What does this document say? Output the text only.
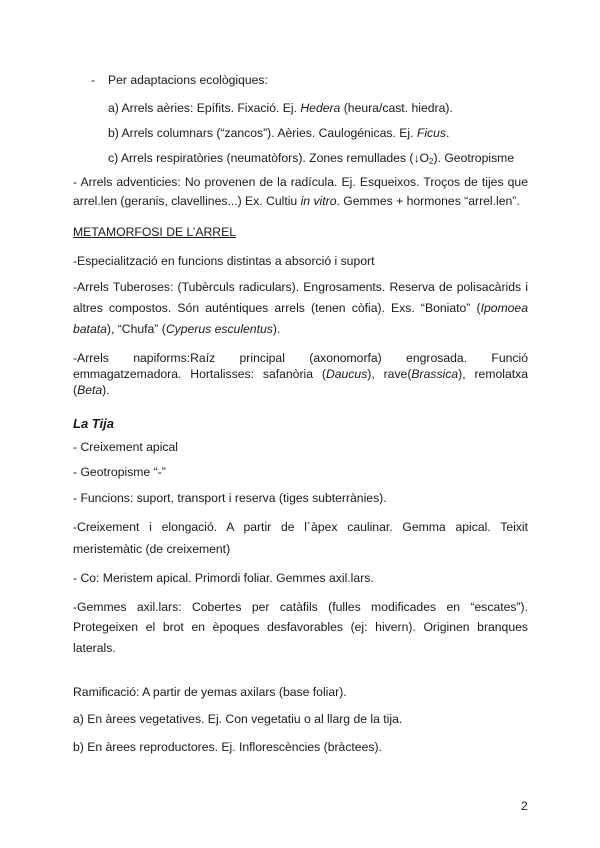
- Per adaptacions ecològiques:
a) Arrels aèries: Epífits. Fixació. Ej. Hedera (heura/cast. hiedra).
b) Arrels columnars (“zancos”). Aèries. Caulogénicas. Ej. Ficus.
c) Arrels respiratòries (neumatòfors). Zones remullades $(↓O_2)$. Geotropisme
- Arrels adventicies: No provenen de la radícula. Ej. Esqueixos. Troços de tijes que
arrel.len (geranis, clavellines...) Ex. Cultiu in vitro. Gemmes + hormones “arrel.len”.
METAMORFOSI DE L’ARREL
-Especialització en funcions distintas a absorció i suport
-Arrels Tuberoses: (Tubèrculs radiculars). Engrosaments. Reserva de polisacàrids i
altres compostos. Són auténtiques arrels (tenen còfia). Exs. “Boniato” (Ipomoea
batata), “Chufa” (Cyperus esculentus).
-Arrels napiforms:Raíz principal (axonomorfa) engrosada. Funció
emmagatzemadora. Hortalisses: safanòria (Daucus), rave(Brassica), remolatxa
(Beta).
La Tija
- Creixement apical
- Geotropisme “-”
- Funcions: suport, transport i reserva (tiges subterrànies).
-Creixement i elongació. A partir de l´àpex caulinar. Gemma apical. Teixit
meristemàtic (de creixement)
- Co: Meristem apical. Primordi foliar. Gemmes axil.lars.
-Gemmes axil.lars: Cobertes per catàfils (fulles modificades en “escates”).
Protegeixen el brot en èpoques desfavorables (ej: hivern). Originen branques
laterals.
Ramificació: A partir de yemas axilars (base foliar).
a) En àrees vegetatives. Ej. Con vegetatiu o al llarg de la tija.
b) En àrees reproductores. Ej. Inflorescències (bràctees).
2
